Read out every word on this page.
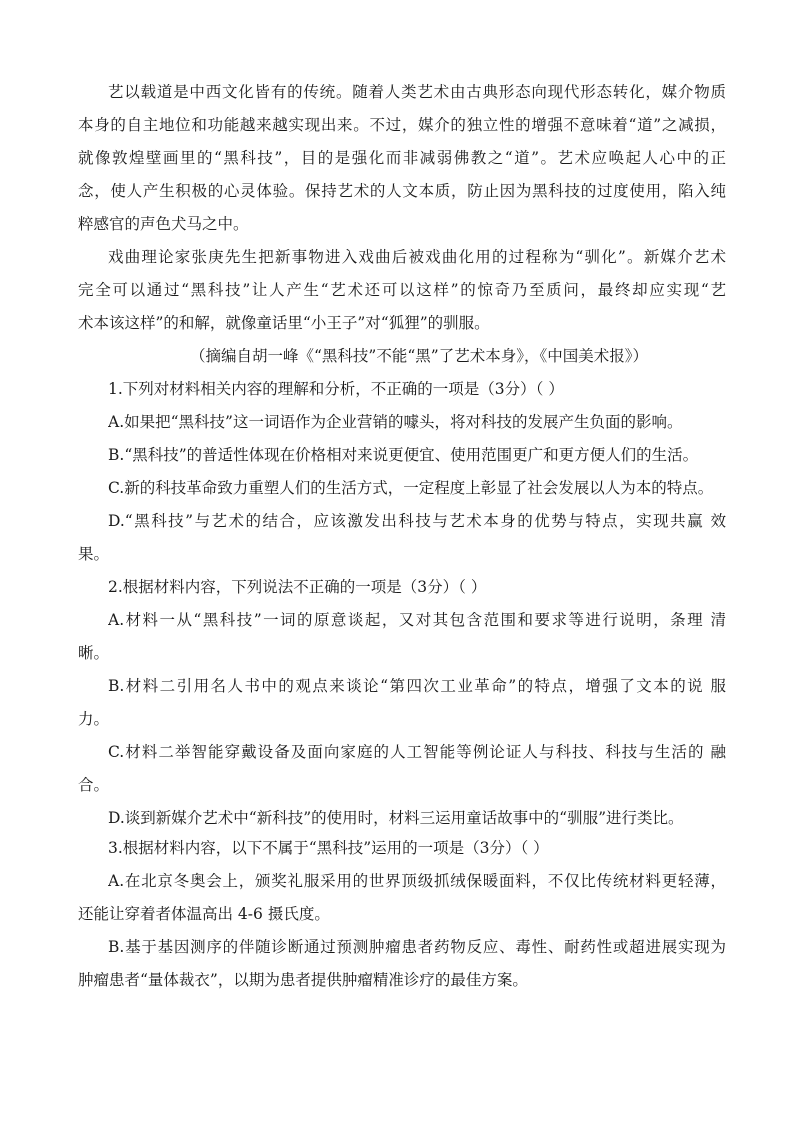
艺以载道是中西文化皆有的传统。随着人类艺术由古典形态向现代形态转化，媒介物质
本身的自主地位和功能越来越实现出来。不过，媒介的独立性的增强不意味着“道”之减损，
就像敦煌壁画里的“黑科技”，目的是强化而非减弱佛教之“道”。艺术应唤起人心中的正
念，使人产生积极的心灵体验。保持艺术的人文本质，防止因为黑科技的过度使用，陷入纯
粹感官的声色犬马之中。
戏曲理论家张庚先生把新事物进入戏曲后被戏曲化用的过程称为“驯化”。新媒介艺术
完全可以通过“黑科技”让人产生“艺术还可以这样”的惊奇乃至质问，最终却应实现“艺
术本该这样”的和解，就像童话里“小王子”对“狐狸”的驯服。
（摘编自胡一峰《“黑科技”不能“黑”了艺术本身》，《中国美术报》）
1.下列对材料相关内容的理解和分析，不正确的一项是（3分）（ ）
A.如果把“黑科技”这一词语作为企业营销的噱头，将对科技的发展产生负面的影响。
B.“黑科技”的普适性体现在价格相对来说更便宜、使用范围更广和更方便人们的生活。
C.新的科技革命致力重塑人们的生活方式，一定程度上彰显了社会发展以人为本的特点。
D.“黑科技”与艺术的结合，应该激发出科技与艺术本身的优势与特点，实现共赢 效
果。
2.根据材料内容，下列说法不正确的一项是（3分）（ ）
A.材料一从“黑科技”一词的原意谈起，又对其包含范围和要求等进行说明，条理 清
晰。
B.材料二引用名人书中的观点来谈论“第四次工业革命”的特点，增强了文本的说 服
力。
C.材料二举智能穿戴设备及面向家庭的人工智能等例论证人与科技、科技与生活的 融
合。
D.谈到新媒介艺术中“新科技”的使用时，材料三运用童话故事中的“驯服”进行类比。
3.根据材料内容，以下不属于“黑科技”运用的一项是（3分）（ ）
A.在北京冬奥会上，颁奖礼服采用的世界顶级抓绒保暖面料，不仅比传统材料更轻薄，
还能让穿着者体温高出 4-6 摄氏度。
B.基于基因测序的伴随诊断通过预测肿瘤患者药物反应、毒性、耐药性或超进展实现为
肿瘤患者“量体裁衣”，以期为患者提供肿瘤精准诊疗的最佳方案。
